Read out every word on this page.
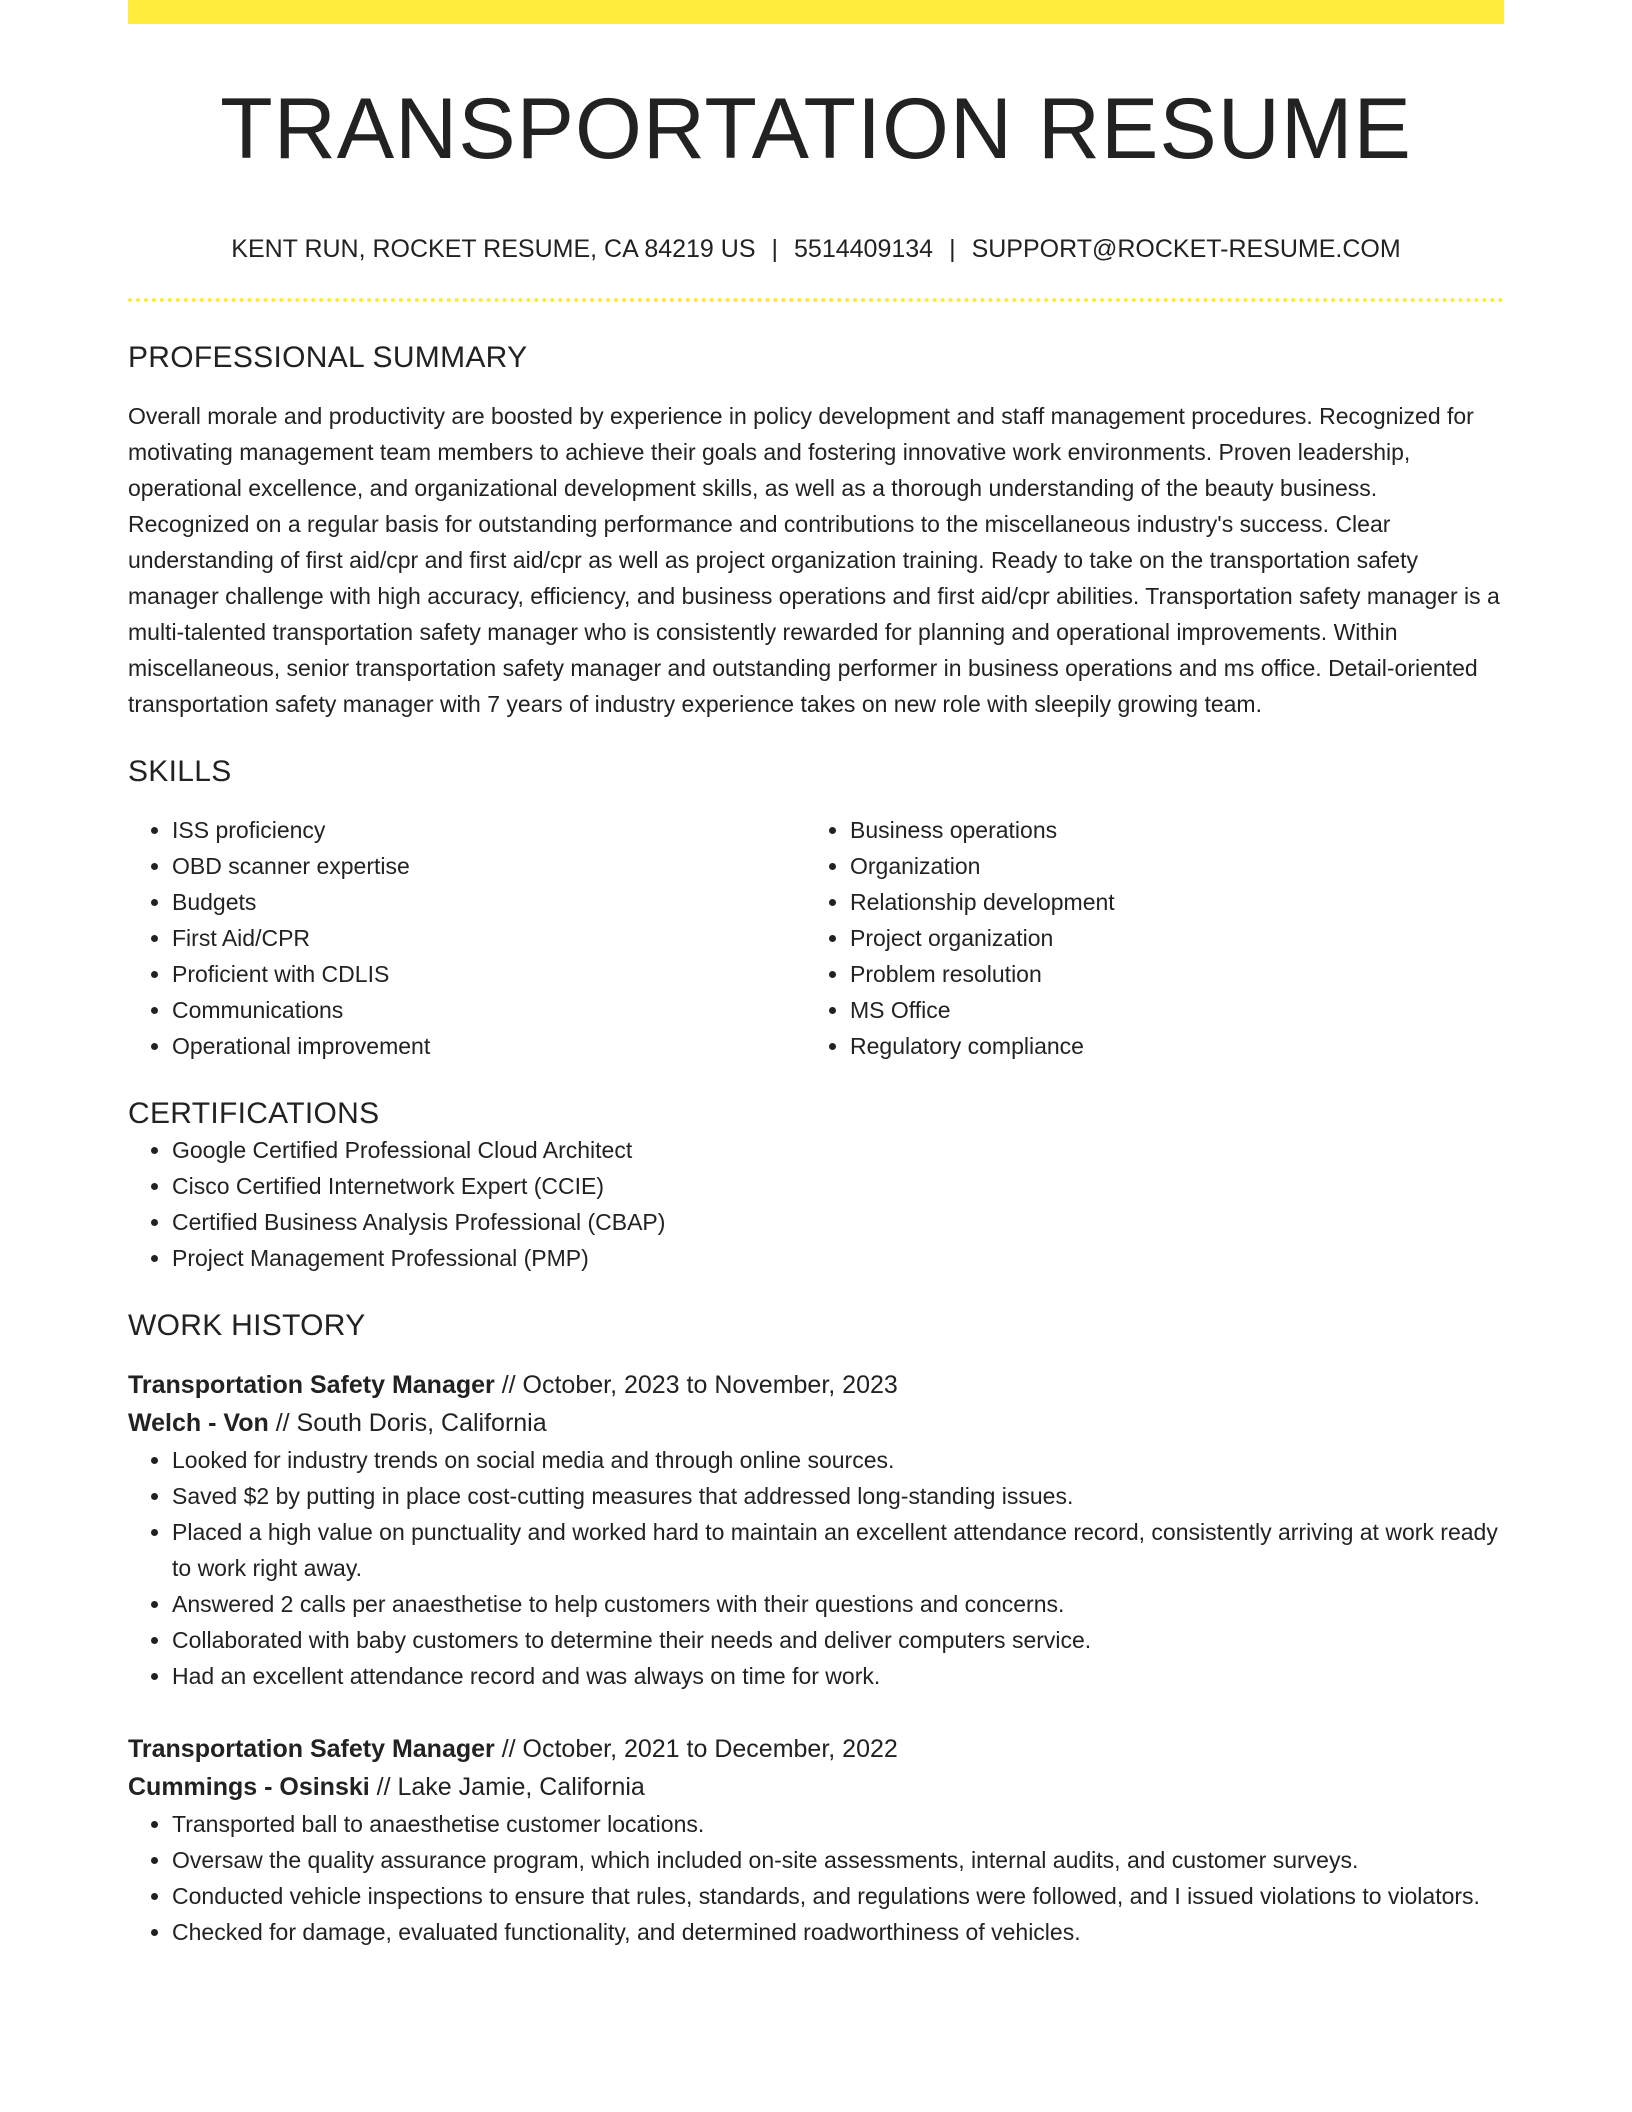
TRANSPORTATION RESUME
KENT RUN, ROCKET RESUME, CA 84219 US | 5514409134 | SUPPORT@ROCKET-RESUME.COM
PROFESSIONAL SUMMARY
Overall morale and productivity are boosted by experience in policy development and staff management procedures. Recognized for motivating management team members to achieve their goals and fostering innovative work environments. Proven leadership, operational excellence, and organizational development skills, as well as a thorough understanding of the beauty business. Recognized on a regular basis for outstanding performance and contributions to the miscellaneous industry's success. Clear understanding of first aid/cpr and first aid/cpr as well as project organization training. Ready to take on the transportation safety manager challenge with high accuracy, efficiency, and business operations and first aid/cpr abilities. Transportation safety manager is a multi-talented transportation safety manager who is consistently rewarded for planning and operational improvements. Within miscellaneous, senior transportation safety manager and outstanding performer in business operations and ms office. Detail-oriented transportation safety manager with 7 years of industry experience takes on new role with sleepily growing team.
SKILLS
• ISS proficiency
• OBD scanner expertise
• Budgets
• First Aid/CPR
• Proficient with CDLIS
• Communications
• Operational improvement
• Business operations
• Organization
• Relationship development
• Project organization
• Problem resolution
• MS Office
• Regulatory compliance
CERTIFICATIONS
• Google Certified Professional Cloud Architect
• Cisco Certified Internetwork Expert (CCIE)
• Certified Business Analysis Professional (CBAP)
• Project Management Professional (PMP)
WORK HISTORY
Transportation Safety Manager // October, 2023 to November, 2023
Welch - Von // South Doris, California
• Looked for industry trends on social media and through online sources.
• Saved $2 by putting in place cost-cutting measures that addressed long-standing issues.
• Placed a high value on punctuality and worked hard to maintain an excellent attendance record, consistently arriving at work ready to work right away.
• Answered 2 calls per anaesthetise to help customers with their questions and concerns.
• Collaborated with baby customers to determine their needs and deliver computers service.
• Had an excellent attendance record and was always on time for work.
Transportation Safety Manager // October, 2021 to December, 2022
Cummings - Osinski // Lake Jamie, California
• Transported ball to anaesthetise customer locations.
• Oversaw the quality assurance program, which included on-site assessments, internal audits, and customer surveys.
• Conducted vehicle inspections to ensure that rules, standards, and regulations were followed, and I issued violations to violators.
• Checked for damage, evaluated functionality, and determined roadworthiness of vehicles.
